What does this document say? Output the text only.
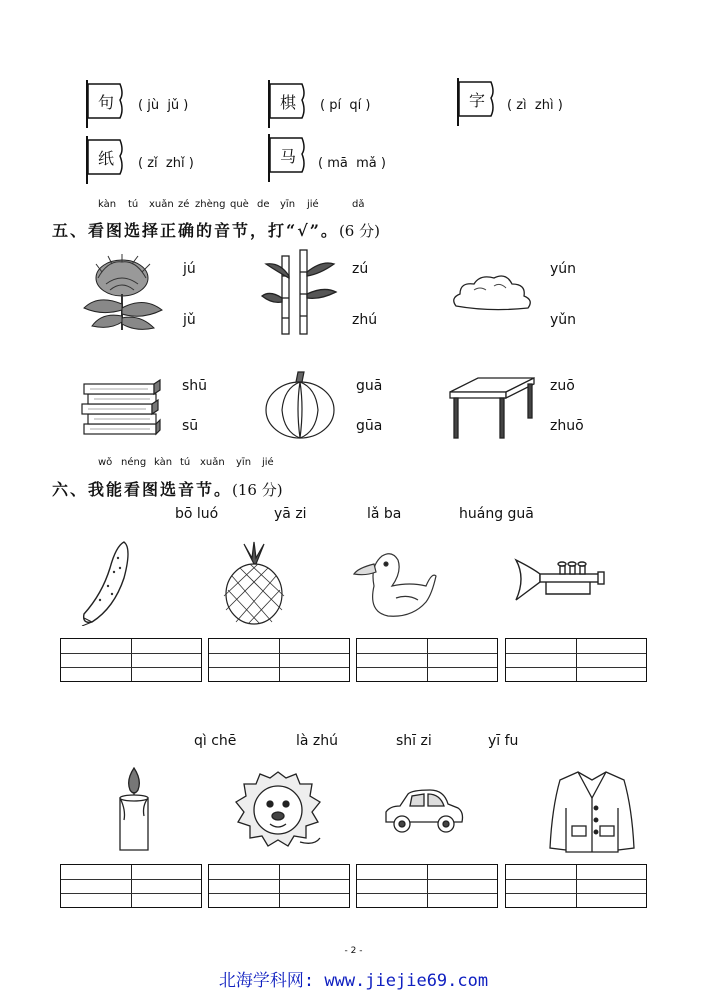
句	( jù  jǔ )	棋	( pí  qí )	字	( zì  zhì )
纸	( zǐ  zhǐ )	马	( mā  mǎ )
kàn tú xuǎn zé zhèng què de yīn jié	dǎ
五、看图选择正确的音节，打“√”。(6 分)
jú
jǔ
zú
zhú
yún
yǔn
shū
sū
guā
gūa
zuō
zhuō
wǒ néng kàn tú xuǎn yīn jié
六、我能看图选音节。(16 分)
bō luó	yā zi	lǎ ba	huáng guā
qì chē	là zhú	shī zi	yī fu
- 2 -
北海学科网: www.jiejie69.com
